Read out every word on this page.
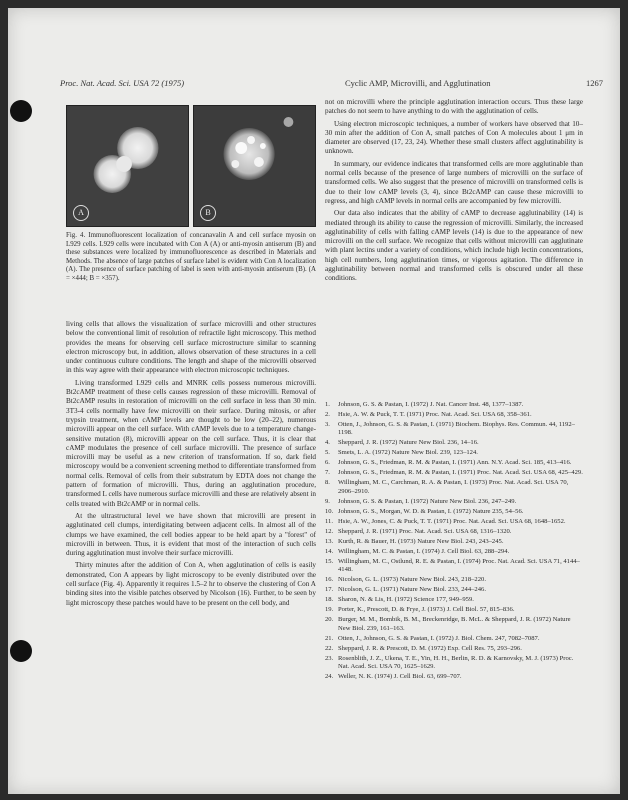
Proc. Nat. Acad. Sci. USA 72 (1975)	Cyclic AMP, Microvilli, and Agglutination	1267
A	B
Fig. 4. Immunofluorescent localization of concanavalin A and cell surface myosin on L929 cells. L929 cells were incubated with Con A (A) or anti-myosin antiserum (B) and these substances were localized by immunofluorescence as described in Materials and Methods. The absence of large patches of surface label is evident with Con A localization (A). The presence of surface patching of label is seen with anti-myosin antiserum (B). (A = ×444; B = ×357).

living cells that allows the visualization of surface microvilli and other structures below the conventional limit of resolution of refractile light microscopy. This method provides the means for observing cell surface microstructure similar to scanning electron microscopy but, in addition, allows observation of these structures in a cell under continuous culture conditions. The length and shape of the microvilli observed in this way agree with their appearance with electron microscopic techniques.

Living transformed L929 cells and MNRK cells possess numerous microvilli. Bt2cAMP treatment of these cells causes regression of these microvilli. Removal of Bt2cAMP results in restoration of microvilli on the cell surface in less than 30 min. 3T3-4 cells normally have few microvilli on their surface. During mitosis, or after trypsin treatment, when cAMP levels are thought to be low (20–22), numerous microvilli appear on the cell surface. With cAMP levels due to a temperature change-sensitive mutation (8), microvilli appear on the cell surface. Thus, it is clear that cAMP modulates the presence of cell surface microvilli. The presence of surface microvilli may be useful as a new criterion of transformation. If so, dark field microscopy would be a convenient screening method to differentiate transformed from normal cells. Removal of cells from their substratum by EDTA does not change the pattern of formation of microvilli. Thus, during an agglutination procedure, transformed L cells have numerous surface microvilli and these are relatively absent in cells treated with Bt2cAMP or in normal cells.

At the ultrastructural level we have shown that microvilli are present in agglutinated cell clumps, interdigitating between adjacent cells. In almost all of the clumps we have examined, the cell bodies appear to be held apart by a "forest" of microvilli in between. Thus, it is evident that most of the interaction of such cells during agglutination must involve their surface microvilli.

Thirty minutes after the addition of Con A, when agglutination of cells is easily demonstrated, Con A appears by light microscopy to be evenly distributed over the cell surface (Fig. 4). Apparently it requires 1.5–2 hr to observe the clustering of Con A binding sites into the visible patches observed by Nicolson (16). Further, to be seen by light microscopy these patches would have to be present on the cell body, and

not on microvilli where the principle agglutination interaction occurs. Thus these large patches do not seem to have anything to do with the agglutination of cells.

Using electron microscopic techniques, a number of workers have observed that 10–30 min after the addition of Con A, small patches of Con A molecules about 1 μm in diameter are observed (17, 23, 24). Whether these small clusters affect agglutinability is unknown.

In summary, our evidence indicates that transformed cells are more agglutinable than normal cells because of the presence of large numbers of microvilli on the surface of transformed cells. We also suggest that the presence of microvilli on transformed cells is due to their low cAMP levels (3, 4), since Bt2cAMP can cause these microvilli to regress, and high cAMP levels in normal cells are accompanied by few microvilli.

Our data also indicates that the ability of cAMP to decrease agglutinability (14) is mediated through its ability to cause the regression of microvilli. Similarly, the increased agglutinability of cells with falling cAMP levels (14) is due to the appearance of new microvilli on the cell surface. We recognize that cells without microvilli can agglutinate with plant lectins under a variety of conditions, which include high lectin concentrations, high cell numbers, long agglutination times, or vigorous agitation. The difference in agglutinability between normal and transformed cells is obscured under all these conditions.

1.	Johnson, G. S. & Pastan, I. (1972) J. Nat. Cancer Inst. 48, 1377–1387.
2.	Hsie, A. W. & Puck, T. T. (1971) Proc. Nat. Acad. Sci. USA 68, 358–361.
3.	Otten, J., Johnson, G. S. & Pastan, I. (1971) Biochem. Biophys. Res. Commun. 44, 1192–1198.
4.	Sheppard, J. R. (1972) Nature New Biol. 236, 14–16.
5.	Smets, L. A. (1972) Nature New Biol. 239, 123–124.
6.	Johnson, G. S., Friedman, R. M. & Pastan, I. (1971) Ann. N.Y. Acad. Sci. 185, 413–416.
7.	Johnson, G. S., Friedman, R. M. & Pastan, I. (1971) Proc. Nat. Acad. Sci. USA 68, 425–429.
8.	Willingham, M. C., Carchman, R. A. & Pastan, I. (1973) Proc. Nat. Acad. Sci. USA 70, 2906–2910.
9.	Johnson, G. S. & Pastan, I. (1972) Nature New Biol. 236, 247–249.
10. Johnson, G. S., Morgan, W. D. & Pastan, I. (1972) Nature 235, 54–56.
11. Hsie, A. W., Jones, C. & Puck, T. T. (1971) Proc. Nat. Acad. Sci. USA 68, 1648–1652.
12. Sheppard, J. R. (1971) Proc. Nat. Acad. Sci. USA 68, 1316–1320.
13. Kurth, R. & Bauer, H. (1973) Nature New Biol. 243, 243–245.
14. Willingham, M. C. & Pastan, I. (1974) J. Cell Biol. 63, 288–294.
15. Willingham, M. C., Ostlund, R. E. & Pastan, I. (1974) Proc. Nat. Acad. Sci. USA 71, 4144–4148.
16. Nicolson, G. L. (1973) Nature New Biol. 243, 218–220.
17. Nicolson, G. L. (1971) Nature New Biol. 233, 244–246.
18. Sharon, N. & Lis, H. (1972) Science 177, 949–959.
19. Porter, K., Prescott, D. & Frye, J. (1973) J. Cell Biol. 57, 815–836.
20. Burger, M. M., Bombik, B. M., Breckenridge, B. McL. & Sheppard, J. R. (1972) Nature New Biol. 239, 161–163.
21. Otten, J., Johnson, G. S. & Pastan, I. (1972) J. Biol. Chem. 247, 7082–7087.
22. Sheppard, J. R. & Prescott, D. M. (1972) Exp. Cell Res. 75, 293–296.
23. Rosenblith, J. Z., Ukena, T. E., Yin, H. H., Berlin, R. D. & Karnovsky, M. J. (1973) Proc. Nat. Acad. Sci. USA 70, 1625–1629.
24. Weller, N. K. (1974) J. Cell Biol. 63, 699–707.
